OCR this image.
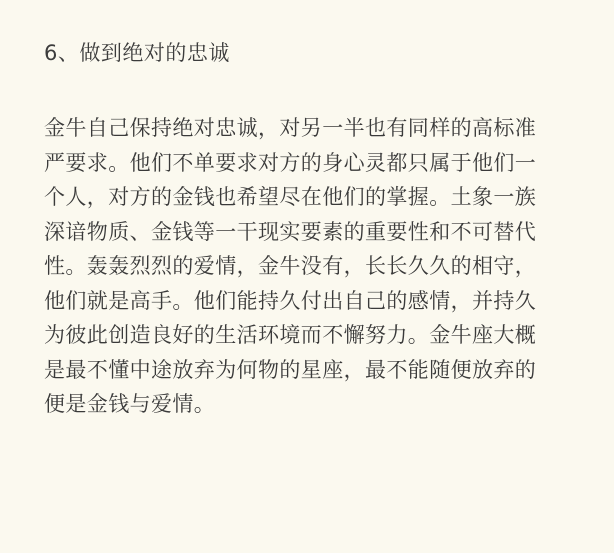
6、做到绝对的忠诚
金牛自己保持绝对忠诚，对另一半也有同样的高标准
严要求。他们不单要求对方的身心灵都只属于他们一
个人，对方的金钱也希望尽在他们的掌握。土象一族
深谙物质、金钱等一干现实要素的重要性和不可替代
性。轰轰烈烈的爱情，金牛没有，长长久久的相守，
他们就是高手。他们能持久付出自己的感情，并持久
为彼此创造良好的生活环境而不懈努力。金牛座大概
是最不懂中途放弃为何物的星座，最不能随便放弃的
便是金钱与爱情。
